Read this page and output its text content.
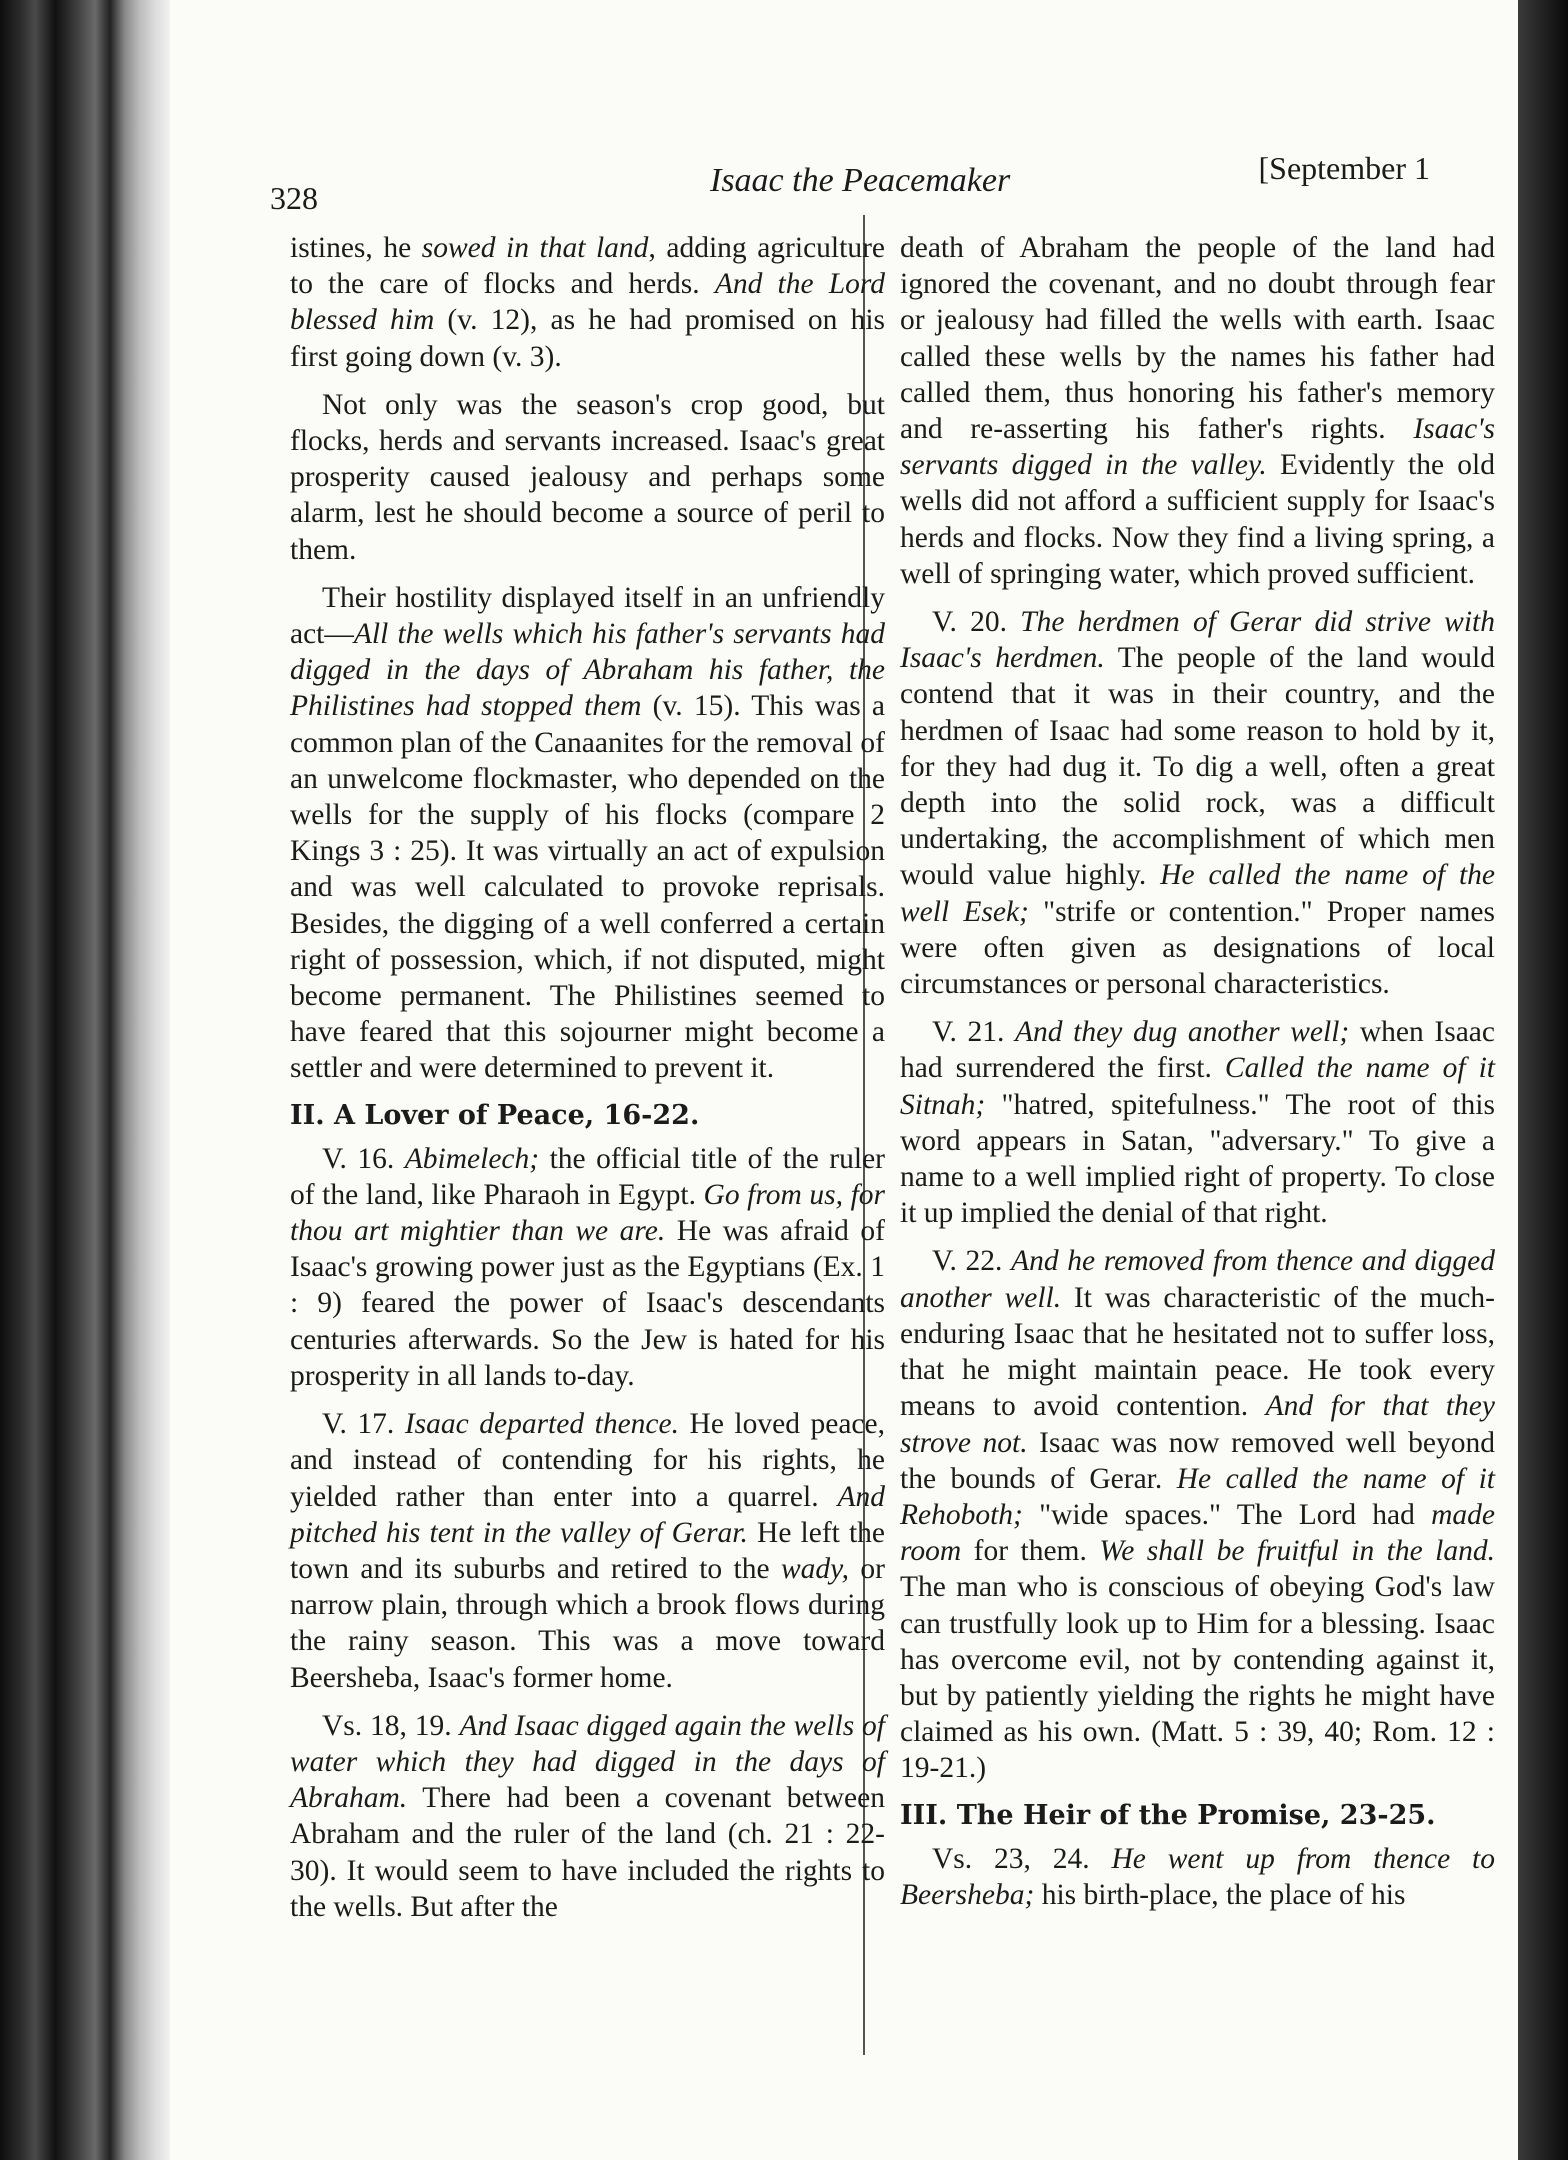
328	Isaac the Peacemaker	[September 1

istines, he sowed in that land, adding agriculture to the care of flocks and herds. And the Lord blessed him (v. 12), as he had promised on his first going down (v. 3).

Not only was the season's crop good, but flocks, herds and servants increased. Isaac's great prosperity caused jealousy and perhaps some alarm, lest he should become a source of peril to them.

Their hostility displayed itself in an unfriendly act—All the wells which his father's servants had digged in the days of Abraham his father, the Philistines had stopped them (v. 15). This was a common plan of the Canaanites for the removal of an unwelcome flockmaster, who depended on the wells for the supply of his flocks (compare 2 Kings 3 : 25). It was virtually an act of expulsion and was well calculated to provoke reprisals. Besides, the digging of a well conferred a certain right of possession, which, if not disputed, might become permanent. The Philistines seemed to have feared that this sojourner might become a settler and were determined to prevent it.

II. A Lover of Peace, 16-22.

V. 16. Abimelech; the official title of the ruler of the land, like Pharaoh in Egypt. Go from us, for thou art mightier than we are. He was afraid of Isaac's growing power just as the Egyptians (Ex. 1 : 9) feared the power of Isaac's descendants centuries afterwards. So the Jew is hated for his prosperity in all lands to-day.

V. 17. Isaac departed thence. He loved peace, and instead of contending for his rights, he yielded rather than enter into a quarrel. And pitched his tent in the valley of Gerar. He left the town and its suburbs and retired to the wady, or narrow plain, through which a brook flows during the rainy season. This was a move toward Beersheba, Isaac's former home.

Vs. 18, 19. And Isaac digged again the wells of water which they had digged in the days of Abraham. There had been a covenant between Abraham and the ruler of the land (ch. 21 : 22-30). It would seem to have included the rights to the wells. But after the

death of Abraham the people of the land had ignored the covenant, and no doubt through fear or jealousy had filled the wells with earth. Isaac called these wells by the names his father had called them, thus honoring his father's memory and re-asserting his father's rights. Isaac's servants digged in the valley. Evidently the old wells did not afford a sufficient supply for Isaac's herds and flocks. Now they find a living spring, a well of springing water, which proved sufficient.

V. 20. The herdmen of Gerar did strive with Isaac's herdmen. The people of the land would contend that it was in their country, and the herdmen of Isaac had some reason to hold by it, for they had dug it. To dig a well, often a great depth into the solid rock, was a difficult undertaking, the accomplishment of which men would value highly. He called the name of the well Esek; "strife or contention." Proper names were often given as designations of local circumstances or personal characteristics.

V. 21. And they dug another well; when Isaac had surrendered the first. Called the name of it Sitnah; "hatred, spitefulness." The root of this word appears in Satan, "adversary." To give a name to a well implied right of property. To close it up implied the denial of that right.

V. 22. And he removed from thence and digged another well. It was characteristic of the much-enduring Isaac that he hesitated not to suffer loss, that he might maintain peace. He took every means to avoid contention. And for that they strove not. Isaac was now removed well beyond the bounds of Gerar. He called the name of it Rehoboth; "wide spaces." The Lord had made room for them. We shall be fruitful in the land. The man who is conscious of obeying God's law can trustfully look up to Him for a blessing. Isaac has overcome evil, not by contending against it, but by patiently yielding the rights he might have claimed as his own. (Matt. 5 : 39, 40; Rom. 12 : 19-21.)

III. The Heir of the Promise, 23-25.

Vs. 23, 24. He went up from thence to Beersheba; his birth-place, the place of his
